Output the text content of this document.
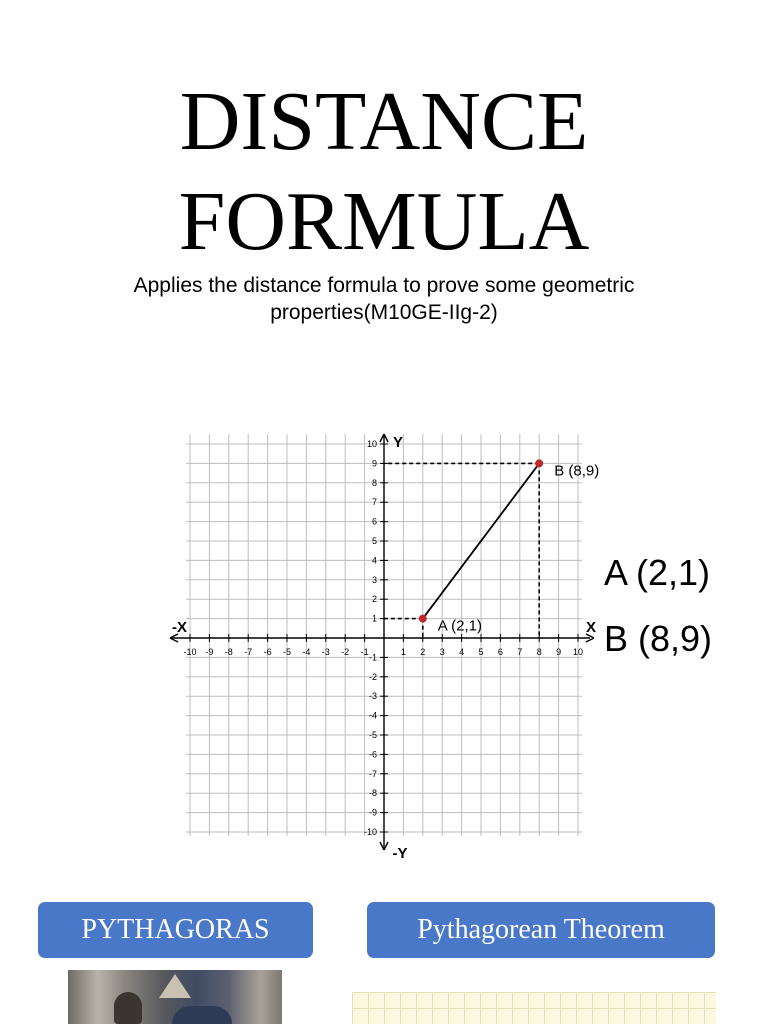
DISTANCE
FORMULA
Applies the distance formula to prove some geometric
properties(M10GE-IIg-2)
X
-X
Y
-Y
-10 -9 -8 -7 -6 -5 -4 -3 -2 -1	1 2 3 4 5 6 7 8 9 10
-10
-9
-8
-7
-6
-5
-4
-3
-2
-1
1
2
3
4
5
6
7
8
9
10
A (2,1)
B (8,9)
A (2,1)
B (8,9)
PYTHAGORAS	Pythagorean Theorem
